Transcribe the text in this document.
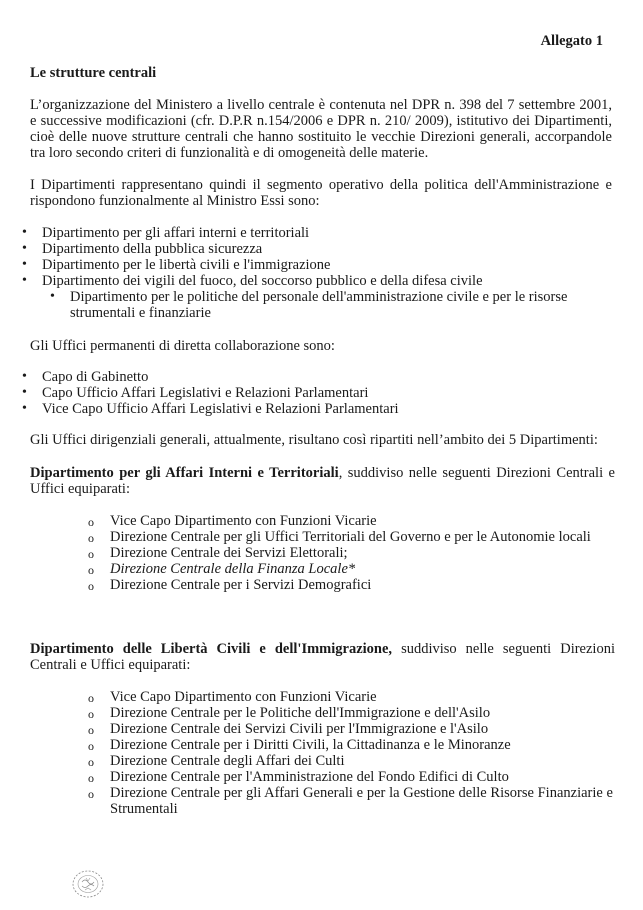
Allegato 1
Le strutture centrali

L’organizzazione del Ministero a livello centrale è contenuta nel DPR n. 398 del 7 settembre 2001, e successive modificazioni (cfr. D.P.R n.154/2006 e DPR n. 210/ 2009), istitutivo dei Dipartimenti, cioè delle nuove strutture centrali che hanno sostituito le vecchie Direzioni generali, accorpandole tra loro secondo criteri di funzionalità e di omogeneità delle materie.

I Dipartimenti rappresentano quindi il segmento operativo della politica dell'Amministrazione e rispondono funzionalmente al Ministro Essi sono:

• Dipartimento per gli affari interni e territoriali
• Dipartimento della pubblica sicurezza
• Dipartimento per le libertà civili e l'immigrazione
• Dipartimento dei vigili del fuoco, del soccorso pubblico e della difesa civile
• Dipartimento per le politiche del personale dell'amministrazione civile e per le risorse strumentali e finanziarie
Gli Uffici permanenti di diretta collaborazione sono:
• Capo di Gabinetto
• Capo Ufficio Affari Legislativi e Relazioni Parlamentari
• Vice Capo Ufficio Affari Legislativi e Relazioni Parlamentari
Gli Uffici dirigenziali generali, attualmente, risultano così ripartiti nell’ambito dei 5 Dipartimenti:
Dipartimento per gli Affari Interni e Territoriali, suddiviso nelle seguenti Direzioni Centrali e Uffici equiparati:
o Vice Capo Dipartimento con Funzioni Vicarie
o Direzione Centrale per gli Uffici Territoriali del Governo e per le Autonomie locali
o Direzione Centrale dei Servizi Elettorali;
o Direzione Centrale della Finanza Locale*
o Direzione Centrale per i Servizi Demografici
Dipartimento delle Libertà Civili e dell'Immigrazione, suddiviso nelle seguenti Direzioni Centrali e Uffici equiparati:
o Vice Capo Dipartimento con Funzioni Vicarie
o Direzione Centrale per le Politiche dell'Immigrazione e dell'Asilo
o Direzione Centrale dei Servizi Civili per l'Immigrazione e l'Asilo
o Direzione Centrale per i Diritti Civili, la Cittadinanza e le Minoranze
o Direzione Centrale degli Affari dei Culti
o Direzione Centrale per l'Amministrazione del Fondo Edifici di Culto
o Direzione Centrale per gli Affari Generali e per la Gestione delle Risorse Finanziarie e Strumentali
